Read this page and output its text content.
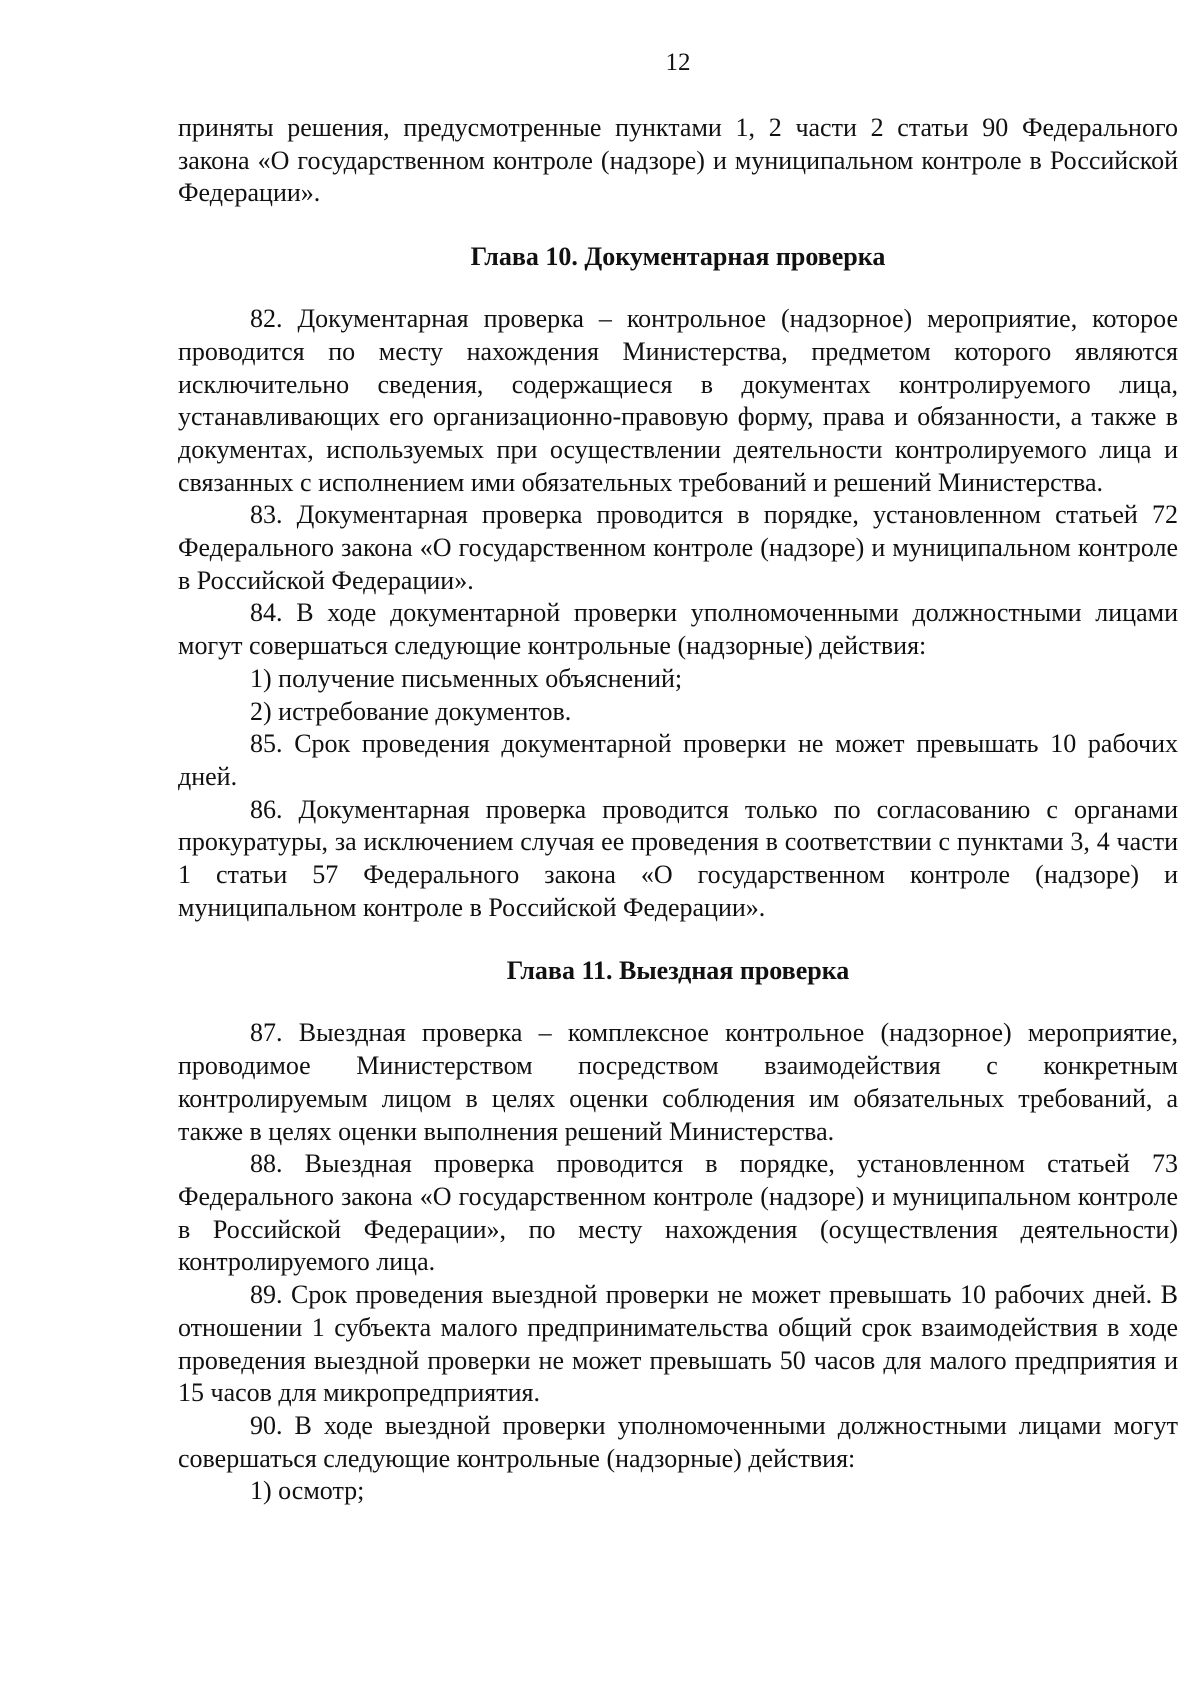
12

приняты решения, предусмотренные пунктами 1, 2 части 2 статьи 90 Федерального закона «О государственном контроле (надзоре) и муниципальном контроле в Российской Федерации».

Глава 10. Документарная проверка

82. Документарная проверка – контрольное (надзорное) мероприятие, которое проводится по месту нахождения Министерства, предметом которого являются исключительно сведения, содержащиеся в документах контролируемого лица, устанавливающих его организационно-правовую форму, права и обязанности, а также в документах, используемых при осуществлении деятельности контролируемого лица и связанных с исполнением ими обязательных требований и решений Министерства.

83. Документарная проверка проводится в порядке, установленном статьей 72 Федерального закона «О государственном контроле (надзоре) и муниципальном контроле в Российской Федерации».

84. В ходе документарной проверки уполномоченными должностными лицами могут совершаться следующие контрольные (надзорные) действия:

1) получение письменных объяснений;

2) истребование документов.

85. Срок проведения документарной проверки не может превышать 10 рабочих дней.

86. Документарная проверка проводится только по согласованию с органами прокуратуры, за исключением случая ее проведения в соответствии с пунктами 3, 4 части 1 статьи 57 Федерального закона «О государственном контроле (надзоре) и муниципальном контроле в Российской Федерации».

Глава 11. Выездная проверка

87. Выездная проверка – комплексное контрольное (надзорное) мероприятие, проводимое Министерством посредством взаимодействия с конкретным контролируемым лицом в целях оценки соблюдения им обязательных требований, а также в целях оценки выполнения решений Министерства.

88. Выездная проверка проводится в порядке, установленном статьей 73 Федерального закона «О государственном контроле (надзоре) и муниципальном контроле в Российской Федерации», по месту нахождения (осуществления деятельности) контролируемого лица.

89. Срок проведения выездной проверки не может превышать 10 рабочих дней. В отношении 1 субъекта малого предпринимательства общий срок взаимодействия в ходе проведения выездной проверки не может превышать 50 часов для малого предприятия и 15 часов для микропредприятия.

90. В ходе выездной проверки уполномоченными должностными лицами могут совершаться следующие контрольные (надзорные) действия:

1) осмотр;
